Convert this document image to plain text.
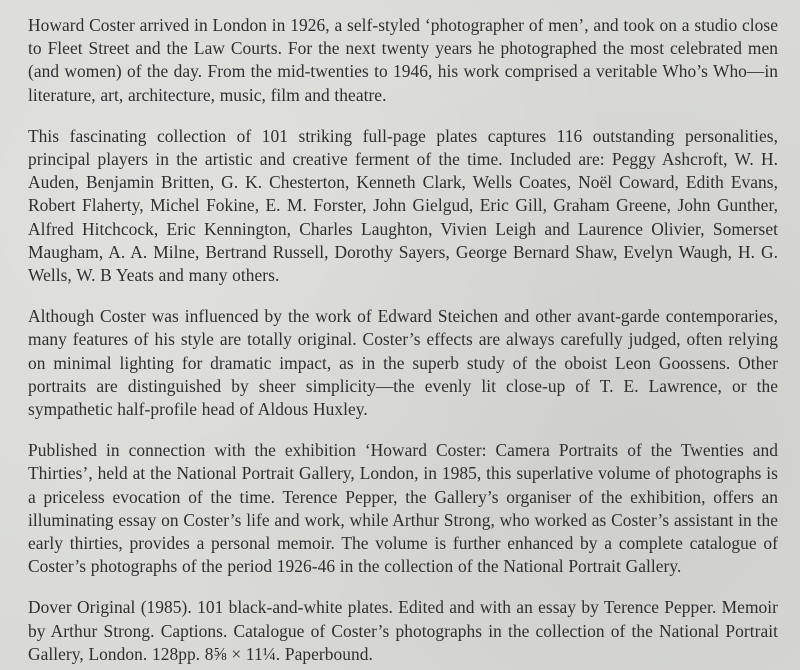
Howard Coster arrived in London in 1926, a self-styled ‘photographer of men’, and took on a studio close to Fleet Street and the Law Courts. For the next twenty years he photographed the most celebrated men (and women) of the day. From the mid-twenties to 1946, his work comprised a veritable Who’s Who—in literature, art, architecture, music, film and theatre.

This fascinating collection of 101 striking full-page plates captures 116 outstanding personalities, principal players in the artistic and creative ferment of the time. Included are: Peggy Ashcroft, W. H. Auden, Benjamin Britten, G. K. Chesterton, Kenneth Clark, Wells Coates, Noël Coward, Edith Evans, Robert Flaherty, Michel Fokine, E. M. Forster, John Gielgud, Eric Gill, Graham Greene, John Gunther, Alfred Hitchcock, Eric Kennington, Charles Laughton, Vivien Leigh and Laurence Olivier, Somerset Maugham, A. A. Milne, Bertrand Russell, Dorothy Sayers, George Bernard Shaw, Evelyn Waugh, H. G. Wells, W. B Yeats and many others.

Although Coster was influenced by the work of Edward Steichen and other avant-garde contemporaries, many features of his style are totally original. Coster’s effects are always carefully judged, often relying on minimal lighting for dramatic impact, as in the superb study of the oboist Leon Goossens. Other portraits are distinguished by sheer simplicity—the evenly lit close-up of T. E. Lawrence, or the sympathetic half-profile head of Aldous Huxley.

Published in connection with the exhibition ‘Howard Coster: Camera Portraits of the Twenties and Thirties’, held at the National Portrait Gallery, London, in 1985, this superlative volume of photographs is a priceless evocation of the time. Terence Pepper, the Gallery’s organiser of the exhibition, offers an illuminating essay on Coster’s life and work, while Arthur Strong, who worked as Coster’s assistant in the early thirties, provides a personal memoir. The volume is further enhanced by a complete catalogue of Coster’s photographs of the period 1926-46 in the collection of the National Portrait Gallery.

Dover Original (1985). 101 black-and-white plates. Edited and with an essay by Terence Pepper. Memoir by Arthur Strong. Captions. Catalogue of Coster’s photographs in the collection of the National Portrait Gallery, London. 128pp. 8⅝ × 11¼. Paperbound.
